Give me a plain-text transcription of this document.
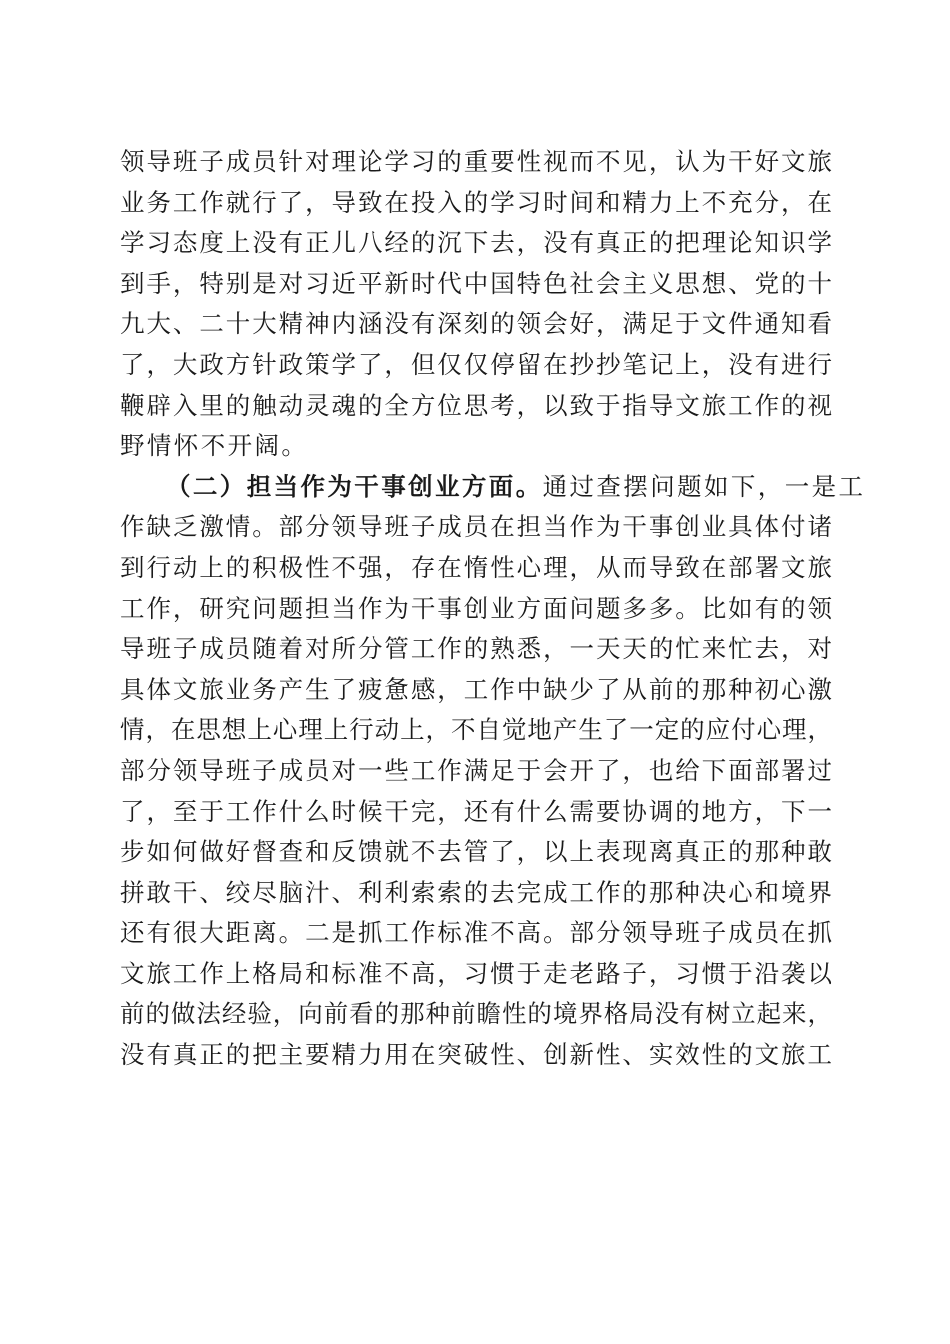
领导班子成员针对理论学习的重要性视而不见，认为干好文旅
业务工作就行了，导致在投入的学习时间和精力上不充分，在
学习态度上没有正儿八经的沉下去，没有真正的把理论知识学
到手，特别是对习近平新时代中国特色社会主义思想、党的十
九大、二十大精神内涵没有深刻的领会好，满足于文件通知看
了，大政方针政策学了，但仅仅停留在抄抄笔记上，没有进行
鞭辟入里的触动灵魂的全方位思考，以致于指导文旅工作的视
野情怀不开阔。
（二）担当作为干事创业方面。通过查摆问题如下，一是工
作缺乏激情。部分领导班子成员在担当作为干事创业具体付诸
到行动上的积极性不强，存在惰性心理，从而导致在部署文旅
工作，研究问题担当作为干事创业方面问题多多。比如有的领
导班子成员随着对所分管工作的熟悉，一天天的忙来忙去，对
具体文旅业务产生了疲惫感，工作中缺少了从前的那种初心激
情，在思想上心理上行动上，不自觉地产生了一定的应付心理，
部分领导班子成员对一些工作满足于会开了，也给下面部署过
了，至于工作什么时候干完，还有什么需要协调的地方，下一
步如何做好督查和反馈就不去管了，以上表现离真正的那种敢
拼敢干、绞尽脑汁、利利索索的去完成工作的那种决心和境界
还有很大距离。二是抓工作标准不高。部分领导班子成员在抓
文旅工作上格局和标准不高，习惯于走老路子，习惯于沿袭以
前的做法经验，向前看的那种前瞻性的境界格局没有树立起来，
没有真正的把主要精力用在突破性、创新性、实效性的文旅工
